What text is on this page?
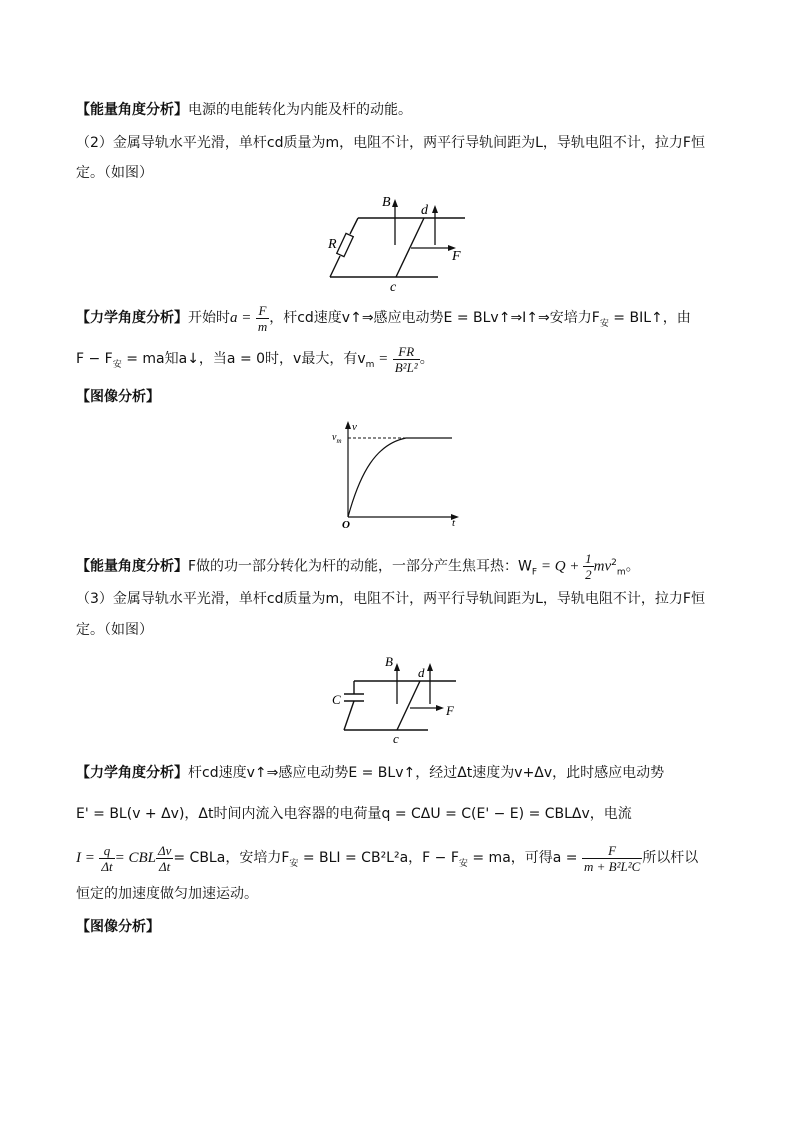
【能量角度分析】电源的电能转化为内能及杆的动能。
（2）金属导轨水平光滑，单杆cd质量为m，电阻不计，两平行导轨间距为L，导轨电阻不计，拉力F恒
定。（如图）
B
d
R
F
c
【力学角度分析】开始时$a = \frac{F}{m}$ ，杆cd速度v↑⇒感应电动势E = BLv↑⇒I↑⇒安培力$F_安$ = BIL↑，由
$F - F_安$ = ma知a↓，当a = 0时，v最大，有$v_m = \frac{FR}{\text{B²L²}}$ 。
【图像分析】
v
$v_m$
O	t
【能量角度分析】F做的功一部分转化为杆的动能，一部分产生焦耳热：$W_F = Q + \frac{1}{2} mv^2_m$。
（3）金属导轨水平光滑，单杆cd质量为m，电阻不计，两平行导轨间距为L，导轨电阻不计，拉力F恒
定。（如图）
B
d
C
F
c
【力学角度分析】杆cd速度v↑⇒感应电动势E = BLv↑，经过Δt速度为v+Δv，此时感应电动势
E' = BL(v + Δv)，Δt时间内流入电容器的电荷量q = CΔU = C(E' − E) = CBLΔv，电流
$I = \frac{q}{\Delta t}$ = CBL $\frac{\Delta v}{\Delta t}$ = CBLa，安培力$F_安$ = BLI = CB²L²a，$F - F_安$ = ma，可得$a = \frac{F}{\text{m + B²L²C}}$ 所以杆以
恒定的加速度做匀加速运动。
【图像分析】
